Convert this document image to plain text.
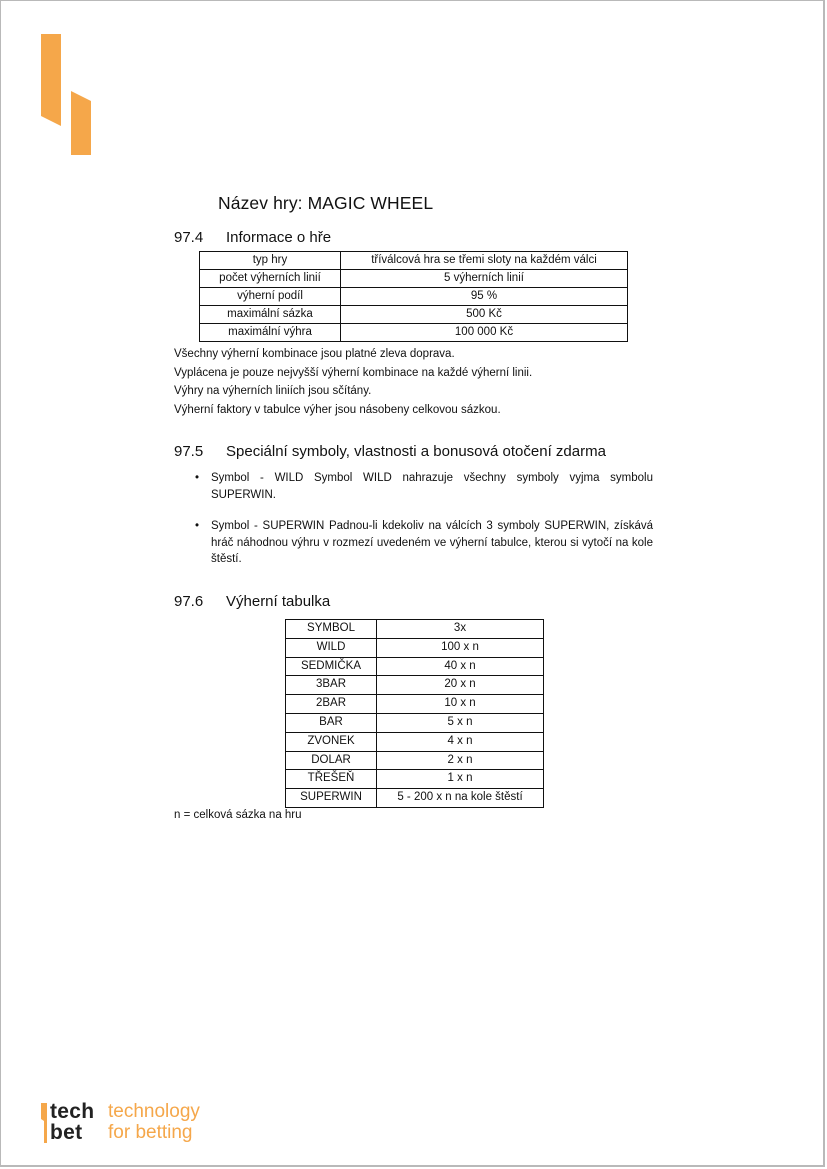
Název hry: MAGIC WHEEL
97.4 Informace o hře
typ hry	tříválcová hra se třemi sloty na každém válci
počet výherních linií	5 výherních linií
výherní podíl	95 %
maximální sázka	500 Kč
maximální výhra	100 000 Kč
Všechny výherní kombinace jsou platné zleva doprava.
Vyplácena je pouze nejvyšší výherní kombinace na každé výherní linii.
Výhry na výherních liniích jsou sčítány.
Výherní faktory v tabulce výher jsou násobeny celkovou sázkou.
97.5 Speciální symboly, vlastnosti a bonusová otočení zdarma
•	Symbol - WILD Symbol WILD nahrazuje všechny symboly vyjma symbolu SUPERWIN.
•	Symbol - SUPERWIN Padnou-li kdekoliv na válcích 3 symboly SUPERWIN, získává hráč náhodnou výhru v rozmezí uvedeném ve výherní tabulce, kterou si vytočí na kole štěstí.
97.6 Výherní tabulka
SYMBOL	3x
WILD	100 x n
SEDMIČKA	40 x n
3BAR	20 x n
2BAR	10 x n
BAR	5 x n
ZVONEK	4 x n
DOLAR	2 x n
TŘEŠEŇ	1 x n
SUPERWIN	5 - 200 x n na kole štěstí
n = celková sázka na hru
tech
bet
technology
for betting
